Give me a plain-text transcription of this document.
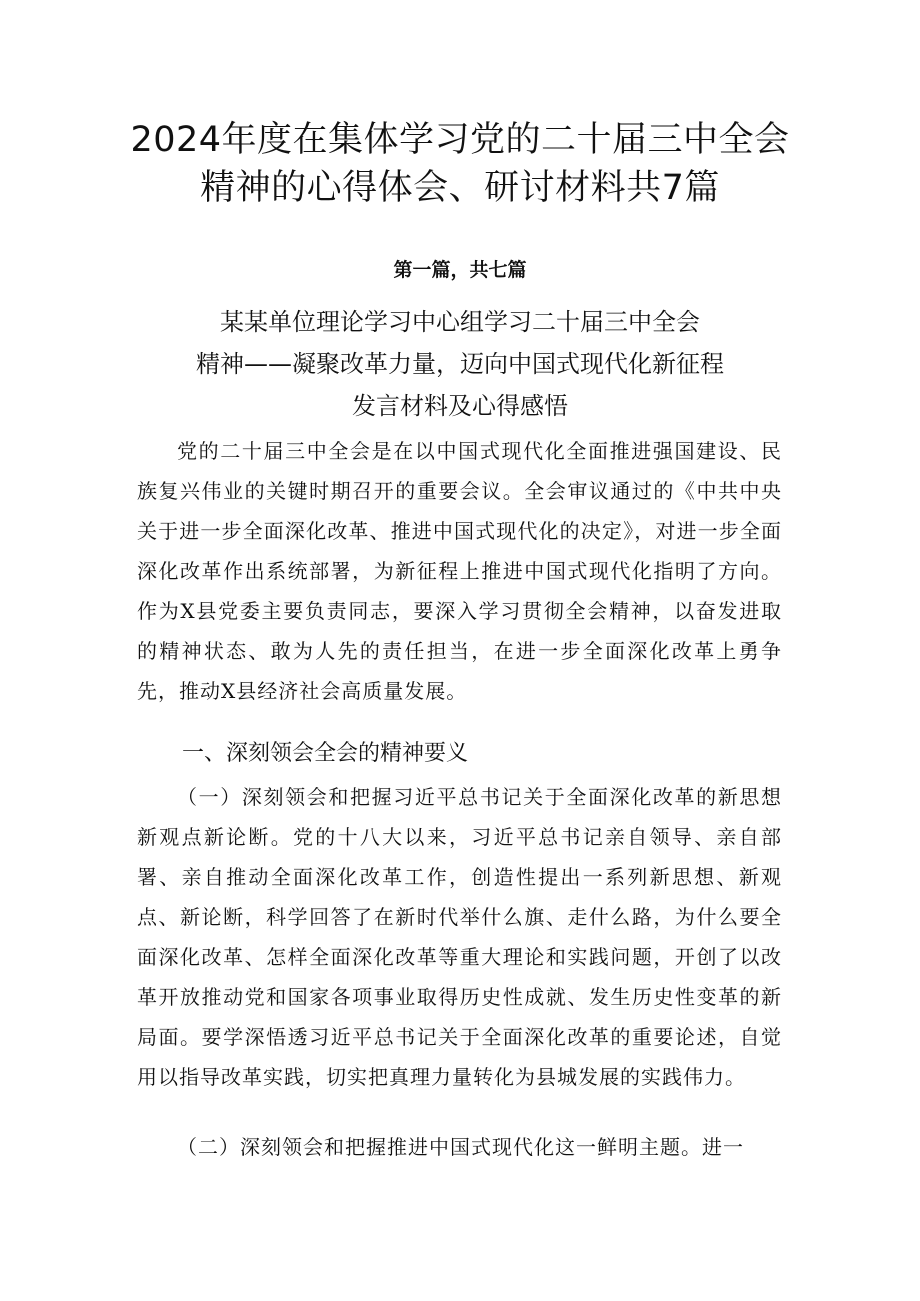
2024年度在集体学习党的二十届三中全会
精神的心得体会、研讨材料共7篇
第一篇，共七篇
某某单位理论学习中心组学习二十届三中全会
精神——凝聚改革力量，迈向中国式现代化新征程
发言材料及心得感悟

党的二十届三中全会是在以中国式现代化全面推进强国建设、民族复兴伟业的关键时期召开的重要会议。全会审议通过的《中共中央关于进一步全面深化改革、推进中国式现代化的决定》，对进一步全面深化改革作出系统部署，为新征程上推进中国式现代化指明了方向。作为X县党委主要负责同志，要深入学习贯彻全会精神，以奋发进取的精神状态、敢为人先的责任担当，在进一步全面深化改革上勇争先，推动X县经济社会高质量发展。

一、深刻领会全会的精神要义

（一）深刻领会和把握习近平总书记关于全面深化改革的新思想新观点新论断。党的十八大以来，习近平总书记亲自领导、亲自部署、亲自推动全面深化改革工作，创造性提出一系列新思想、新观点、新论断，科学回答了在新时代举什么旗、走什么路，为什么要全面深化改革、怎样全面深化改革等重大理论和实践问题，开创了以改革开放推动党和国家各项事业取得历史性成就、发生历史性变革的新局面。要学深悟透习近平总书记关于全面深化改革的重要论述，自觉用以指导改革实践，切实把真理力量转化为县城发展的实践伟力。

（二）深刻领会和把握推进中国式现代化这一鲜明主题。进一
